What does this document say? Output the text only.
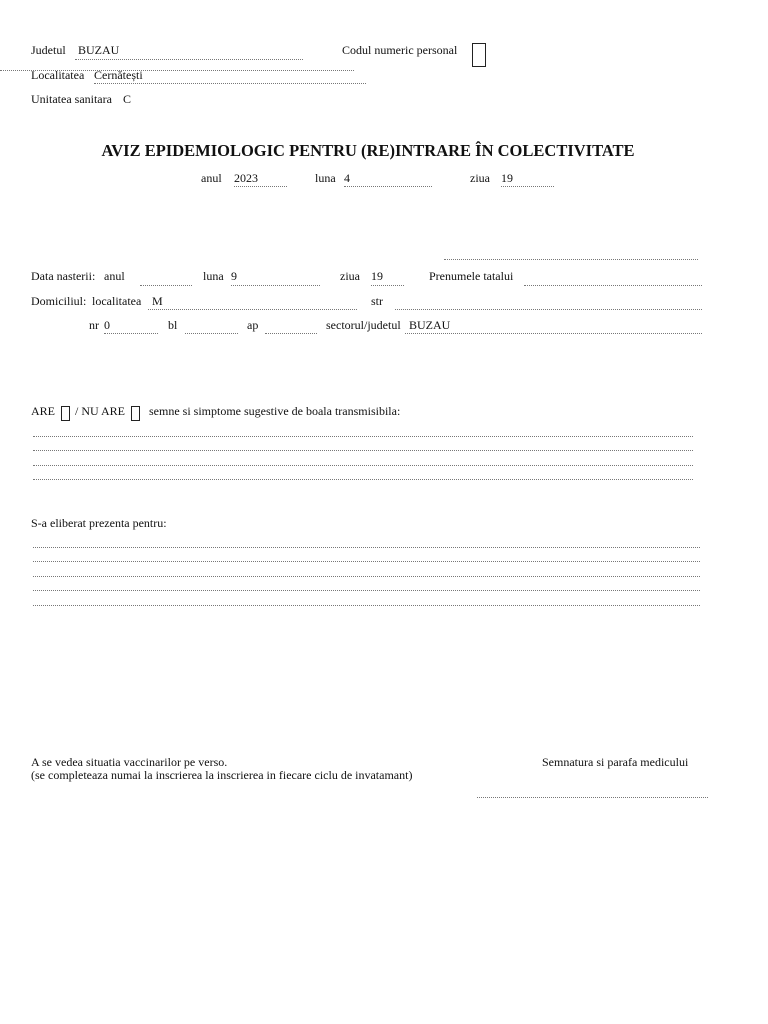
Judetul BUZAU	Codul numeric personal
Localitatea Cernătești
Unitatea sanitara C
AVIZ EPIDEMIOLOGIC PENTRU (RE)INTRARE ÎN COLECTIVITATE
anul 2023	luna 4	ziua 19
Data nasterii: anul	luna 9	ziua 19	Prenumele tatalui
Domiciliul: localitatea M	str
nr 0	bl	ap	sectorul/judetul BUZAU
ARE / NU ARE semne si simptome sugestive de boala transmisibila:
S-a eliberat prezenta pentru:
A se vedea situatia vaccinarilor pe verso.
(se completeaza numai la inscrierea la inscrierea in fiecare ciclu de invatamant)
Semnatura si parafa medicului
